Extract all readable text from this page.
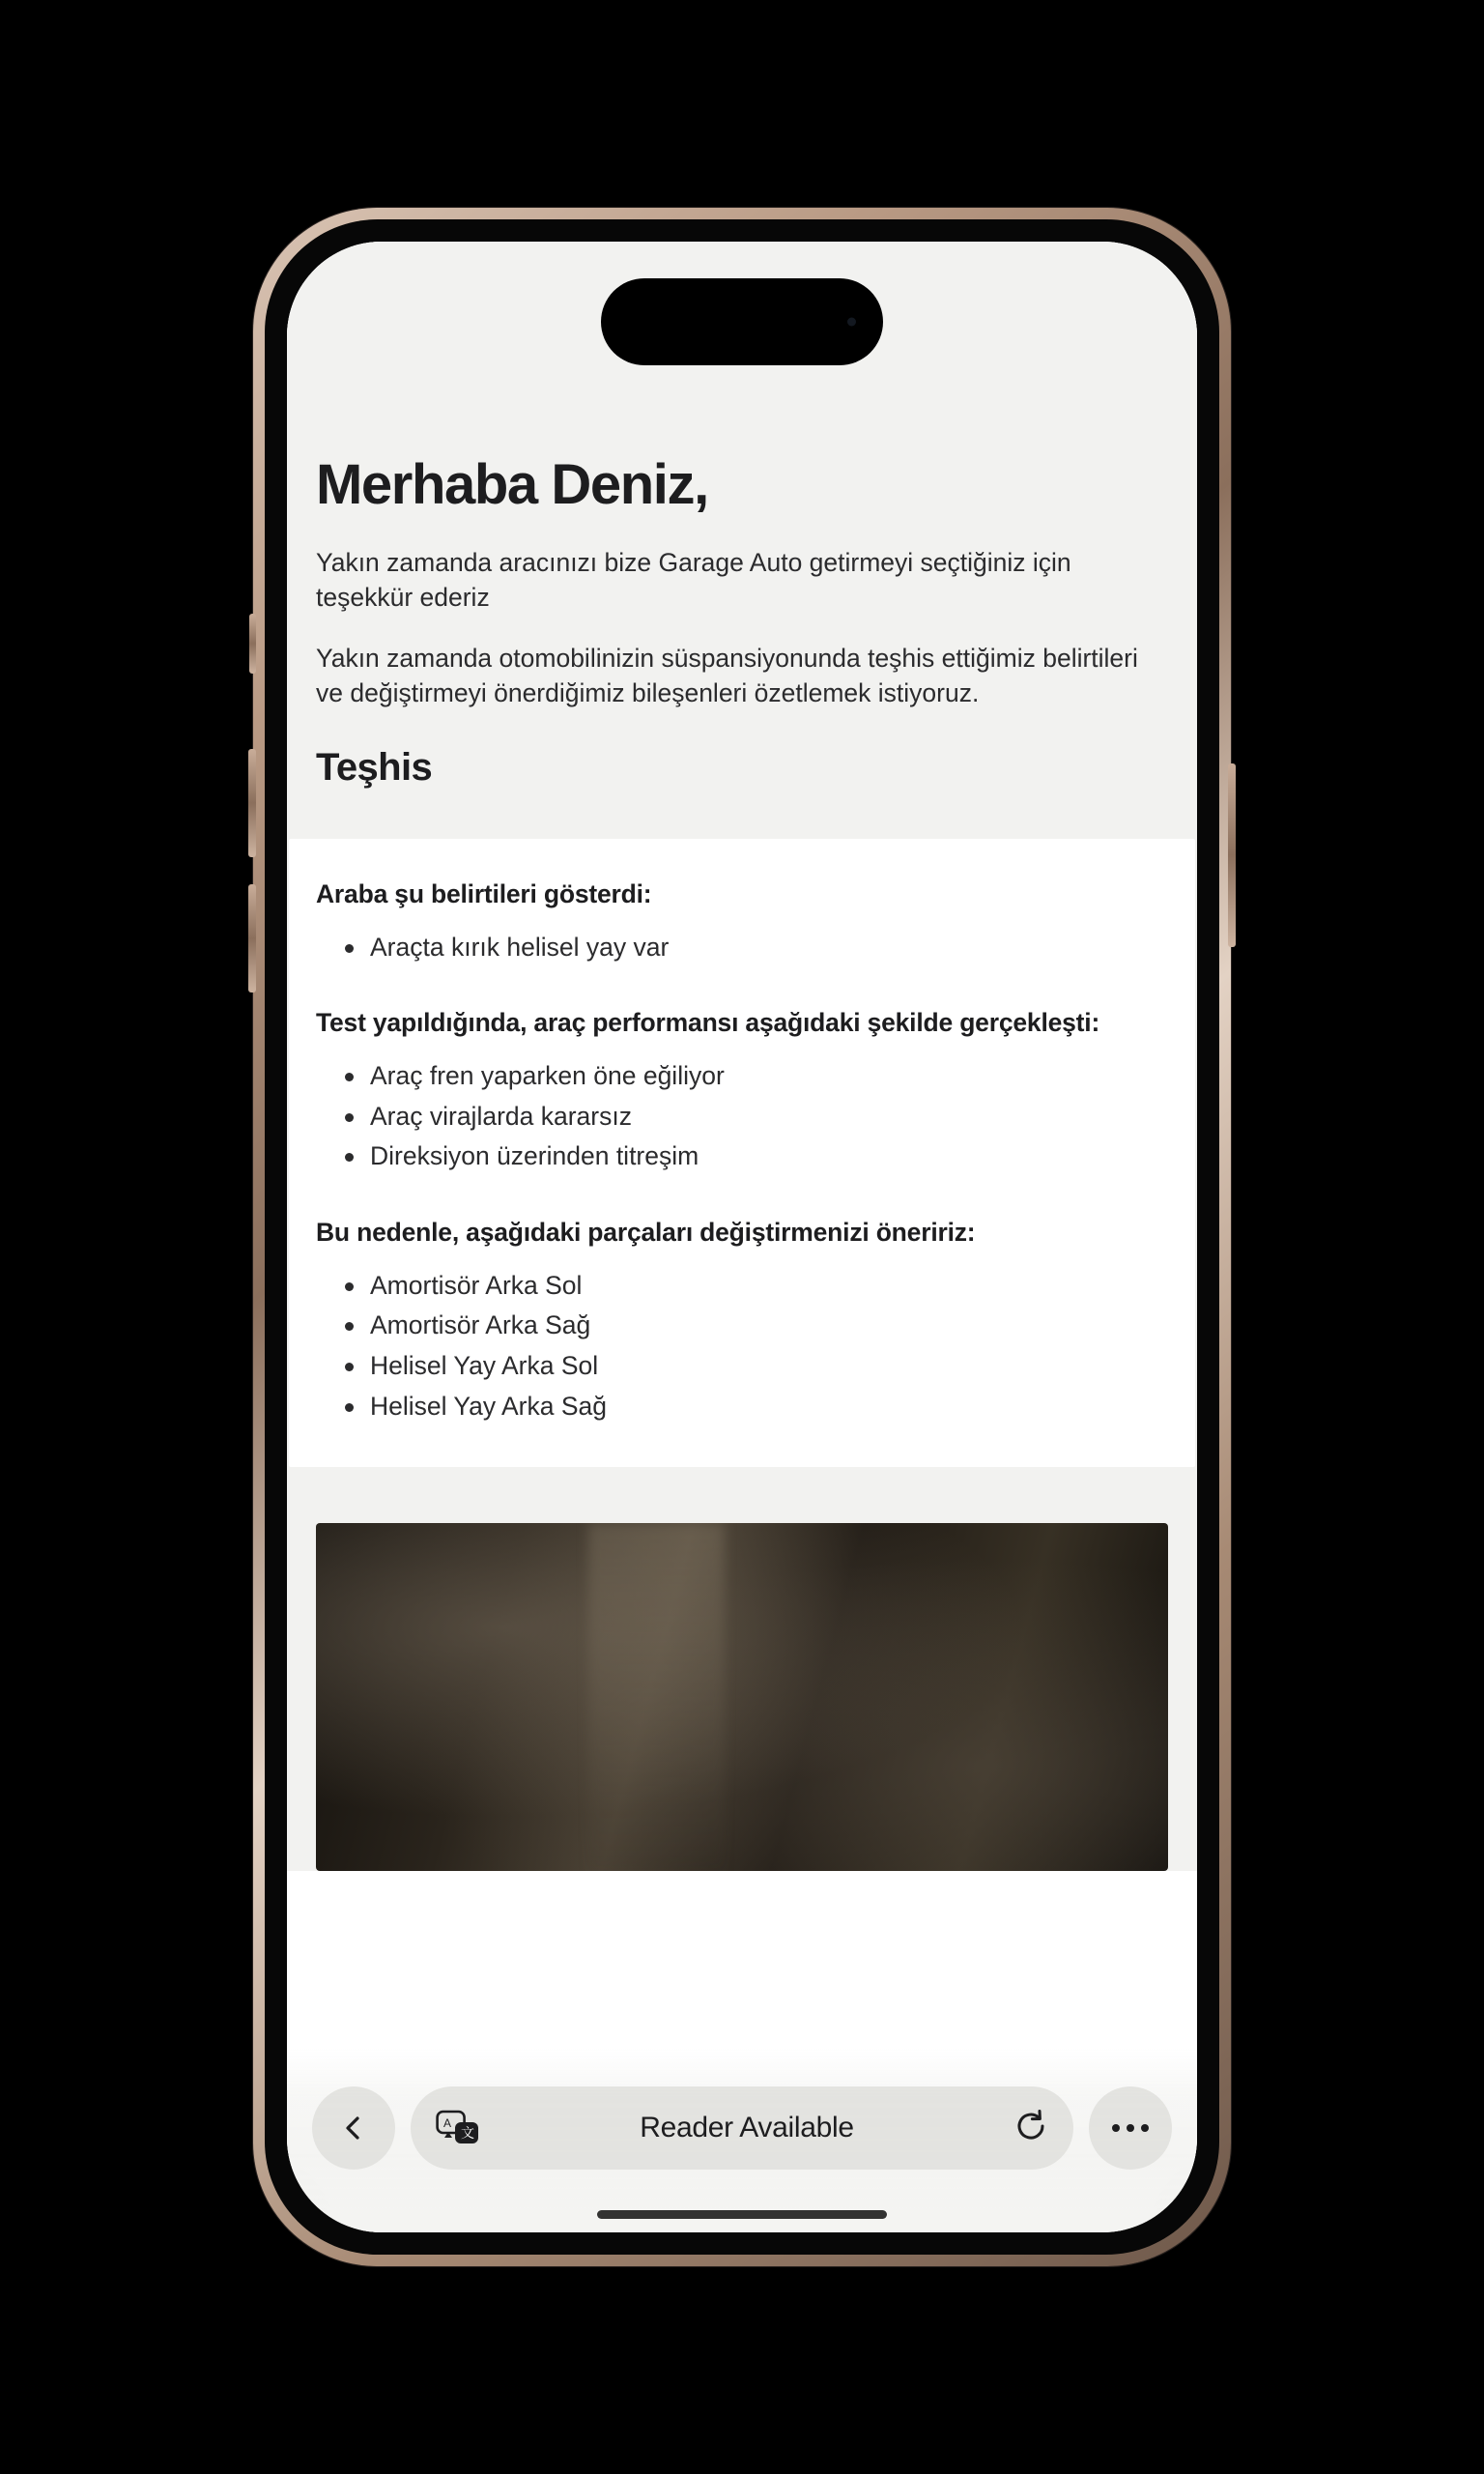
Merhaba Deniz,

Yakın zamanda aracınızı bize Garage Auto getirmeyi seçtiğiniz için teşekkür ederiz

Yakın zamanda otomobilinizin süspansiyonunda teşhis ettiğimiz belirtileri ve değiştirmeyi önerdiğimiz bileşenleri özetlemek istiyoruz.

Teşhis
Araba şu belirtileri gösterdi:
Araçta kırık helisel yay var
Test yapıldığında, araç performansı aşağıdaki şekilde gerçekleşti:
Araç fren yaparken öne eğiliyor
Araç virajlarda kararsız
Direksiyon üzerinden titreşim
Bu nedenle, aşağıdaki parçaları değiştirmenizi öneririz:
Amortisör Arka Sol
Amortisör Arka Sağ
Helisel Yay Arka Sol
Helisel Yay Arka Sağ
A
文	Reader Available
